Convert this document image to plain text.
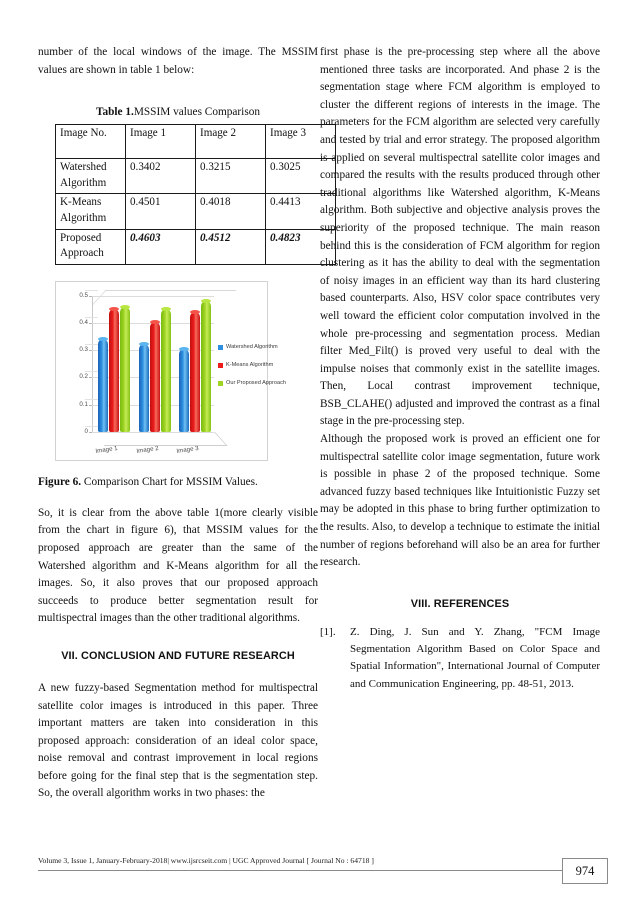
number of the local windows of the image. The MSSIM values are shown in table 1 below:

Table 1.MSSIM values Comparison
Image No.	Image 1	Image 2	Image 3
Watershed Algorithm	0.3402	0.3215	0.3025
K-Means Algorithm	0.4501	0.4018	0.4413
Proposed Approach	0.4603	0.4512	0.4823
0
0.1
0.2
0.3
0.4
0.5
Image 1	Image 2	Image 3
Watershed Algorithm
K-Means Algorithm
Our Proposed Approach

Figure 6. Comparison Chart for MSSIM Values.

So, it is clear from the above table 1(more clearly visible from the chart in figure 6), that MSSIM values for the proposed approach are greater than the same of the Watershed algorithm and K-Means algorithm for all the images. So, it also proves that our proposed approach succeeds to produce better segmentation result for multispectral images than the other traditional algorithms.

VII. CONCLUSION AND FUTURE RESEARCH

A new fuzzy-based Segmentation method for multispectral satellite color images is introduced in this paper. Three important matters are taken into consideration in this proposed approach: consideration of an ideal color space, noise removal and contrast improvement in local regions before going for the final step that is the segmentation step. So, the overall algorithm works in two phases: the

first phase is the pre-processing step where all the above mentioned three tasks are incorporated. And phase 2 is the segmentation stage where FCM algorithm is employed to cluster the different regions of interests in the image. The parameters for the FCM algorithm are selected very carefully and tested by trial and error strategy. The proposed algorithm is applied on several multispectral satellite color images and compared the results with the results produced through other traditional algorithms like Watershed algorithm, K-Means algorithm. Both subjective and objective analysis proves the superiority of the proposed technique. The main reason behind this is the consideration of FCM algorithm for region clustering as it has the ability to deal with the segmentation of noisy images in an efficient way than its hard clustering based counterparts. Also, HSV color space contributes very well toward the efficient color computation involved in the whole pre-processing and segmentation process. Median filter Med_Filt() is proved very useful to deal with the impulse noises that commonly exist in the satellite images. Then, Local contrast improvement technique, BSB_CLAHE() adjusted and improved the contrast as a final stage in the pre-processing step.

Although the proposed work is proved an efficient one for multispectral satellite color image segmentation, future work is possible in phase 2 of the proposed technique. Some advanced fuzzy based techniques like Intuitionistic Fuzzy set may be adopted in this phase to bring further optimization to the results. Also, to develop a technique to estimate the initial number of regions beforehand will also be an area for further research.

VIII. REFERENCES
[1].	Z. Ding, J. Sun and Y. Zhang, "FCM Image Segmentation Algorithm Based on Color Space and Spatial Information", International Journal of Computer and Communication Engineering, pp. 48-51, 2013.
Volume 3, Issue 1, January-February-2018| www.ijsrcseit.com | UGC Approved Journal [ Journal No : 64718 ]
974
